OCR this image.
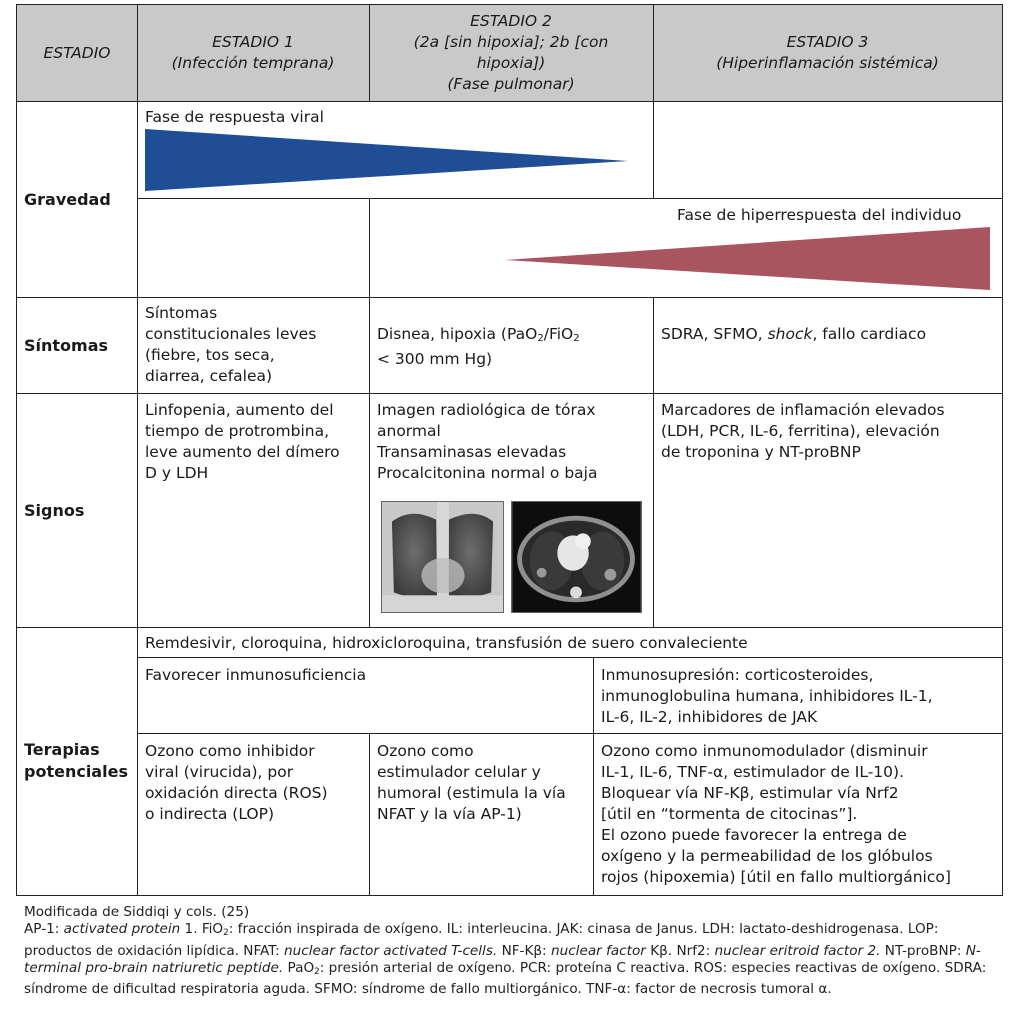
ESTADIO
ESTADIO 1
(Infección temprana)
ESTADIO 2
(2a [sin hipoxia]; 2b [con hipoxia])
(Fase pulmonar)
ESTADIO 3
(Hiperinflamación sistémica)
Gravedad
Síntomas
Signos
Terapias
potenciales
Fase de respuesta viral
Fase de hiperrespuesta del individuo
Síntomas
constitucionales leves
(fiebre, tos seca,
diarrea, cefalea)

Disnea, hipoxia (PaO$_2$/FiO$_2$
< 300 mm Hg)

SDRA, SFMO, shock, fallo cardiaco

Linfopenia, aumento del
tiempo de protrombina,
leve aumento del dímero
D y LDH
Imagen radiológica de tórax
anormal
Transaminasas elevadas
Procalcitonina normal o baja
Marcadores de inflamación elevados
(LDH, PCR, IL-6, ferritina), elevación
de troponina y NT-proBNP
Remdesivir, cloroquina, hidroxicloroquina, transfusión de suero convaleciente
Favorecer inmunosuficiencia	Inmunosupresión: corticosteroides,
inmunoglobulina humana, inhibidores IL-1,
IL-6, IL-2, inhibidores de JAK
Ozono como inhibidor
viral (virucida), por
oxidación directa (ROS)
o indirecta (LOP)
Ozono como
estimulador celular y
humoral (estimula la vía
NFAT y la vía AP-1)
Ozono como inmunomodulador (disminuir
IL-1, IL-6, TNF-α, estimulador de IL-10).
Bloquear vía NF-Κβ, estimular vía Nrf2
[útil en “tormenta de citocinas”].
El ozono puede favorecer la entrega de
oxígeno y la permeabilidad de los glóbulos
rojos (hipoxemia) [útil en fallo multiorgánico]
Modificada de Siddiqi y cols. (25)
AP-1: activated protein 1. FiO$_2$: fracción inspirada de oxígeno. IL: interleucina. JAK: cinasa de Janus. LDH: lactato-deshidrogenasa. LOP: productos de oxidación lipídica. NFAT: nuclear factor activated T-cells. NF-Κβ: nuclear factor Κβ. Nrf2: nuclear eritroid factor 2. NT-proBNP: N-terminal pro-brain natriuretic peptide. PaO$_2$: presión arterial de oxígeno. PCR: proteína C reactiva. ROS: especies reactivas de oxígeno. SDRA: síndrome de dificultad respiratoria aguda. SFMO: síndrome de fallo multiorgánico. TNF-α: factor de necrosis tumoral α.
